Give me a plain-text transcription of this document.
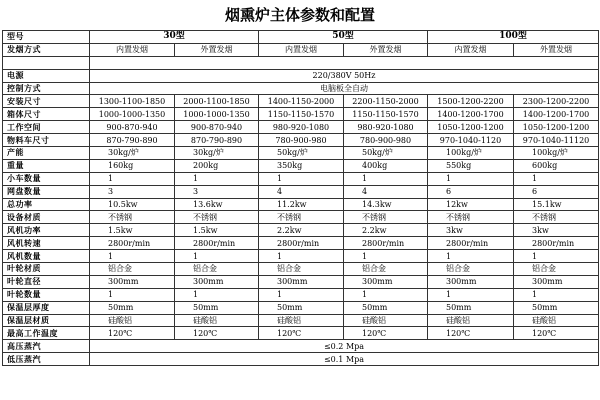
烟熏炉主体参数和配置
型号	30型		50型		100型	
发烟方式	内置发烟	外置发烟	内置发烟	外置发烟	内置发烟	外置发烟

电源	220/380V 50Hz					
控制方式	电脑板全自动					
安装尺寸	1300-1100-1850	2000-1100-1850	1400-1150-2000	2200-1150-2000	1500-1200-2200	2300-1200-2200
箱体尺寸	1000-1000-1350	1000-1000-1350	1150-1150-1570	1150-1150-1570	1400-1200-1700	1400-1200-1700
工作空间	900-870-940	900-870-940	980-920-1080	980-920-1080	1050-1200-1200	1050-1200-1200
物料车尺寸	870-790-890	870-790-890	780-900-980	780-900-980	970-1040-1120	970-1040-11120
产能	30kg/炉	30kg/炉	50kg/炉	50kg/炉	100kg/炉	100kg/炉
重量	160kg	200kg	350kg	400kg	550kg	600kg
小车数量	1	1	1	1	1	1
网盘数量	3	3	4	4	6	6
总功率	10.5kw	13.6kw	11.2kw	14.3kw	12kw	15.1kw
设备材质	不锈钢	不锈钢	不锈钢	不锈钢	不锈钢	不锈钢
风机功率	1.5kw	1.5kw	2.2kw	2.2kw	3kw	3kw
风机转速	2800r/min	2800r/min	2800r/min	2800r/min	2800r/min	2800r/min
风机数量	1	1	1	1	1	1
叶轮材质	铝合金	铝合金	铝合金	铝合金	铝合金	铝合金
叶轮直径	300mm	300mm	300mm	300mm	300mm	300mm
叶轮数量	1	1	1	1	1	1
保温层厚度	50mm	50mm	50mm	50mm	50mm	50mm
保温层材质	硅酸铝	硅酸铝	硅酸铝	硅酸铝	硅酸铝	硅酸铝
最高工作温度	120℃	120℃	120℃	120℃	120℃	120℃
高压蒸汽	≤0.2 Mpa					
低压蒸汽	≤0.1 Mpa					
